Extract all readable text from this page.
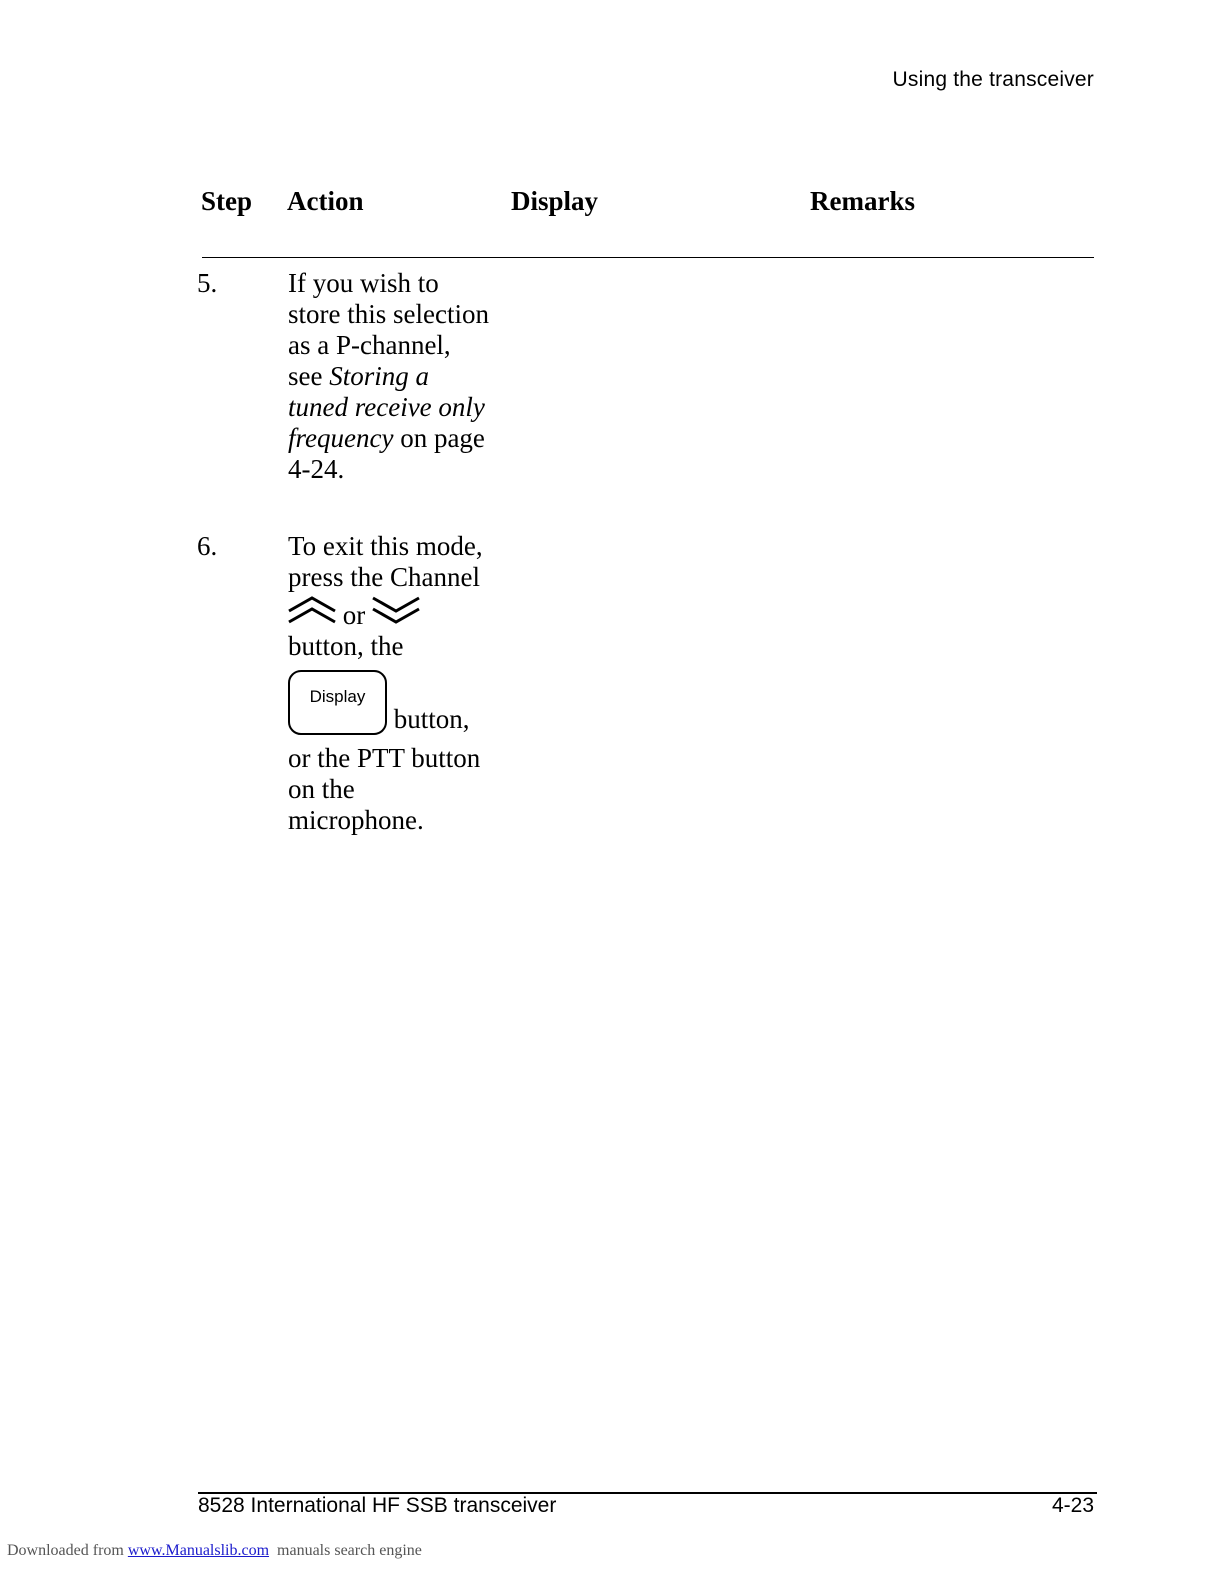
Using the transceiver
Step Action	Display	Remarks
5.	If you wish to
store this selection
as a P-channel,
see Storing a
tuned receive only
frequency on page
4-24.
6.	To exit this mode,
press the Channel
or
button, the
Display button,
or the PTT button
on the
microphone.
8528 International HF SSB transceiver	4-23
Downloaded from www.Manualslib.com  manuals search engine
